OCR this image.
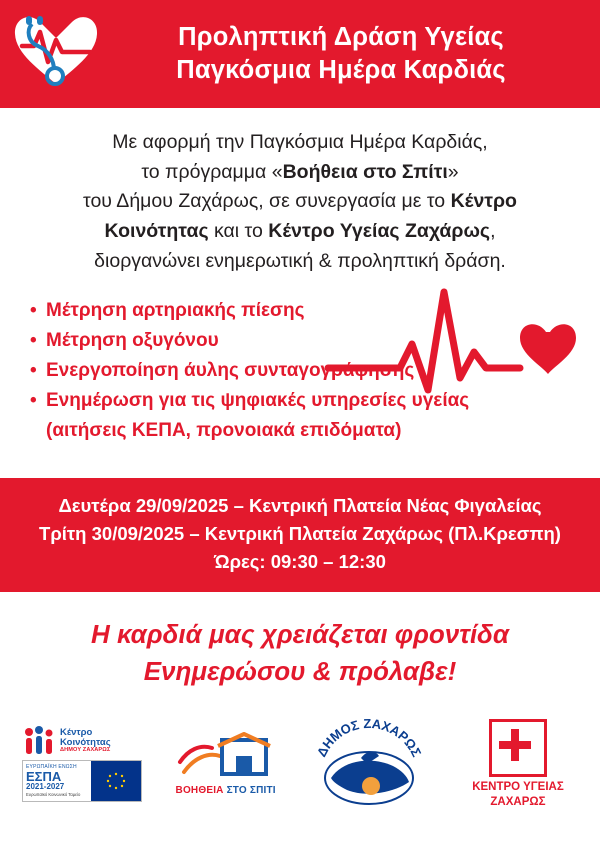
Προληπτική Δράση Υγείας
Παγκόσμια Ημέρα Καρδιάς

Με αφορμή την Παγκόσμια Ημέρα Καρδιάς,

το πρόγραμμα «Βοήθεια στο Σπίτι»

του Δήμου Ζαχάρως, σε συνεργασία με το Κέντρο

Κοινότητας και το Κέντρο Υγείας Ζαχάρως,

διοργανώνει ενημερωτική & προληπτική δράση.

• Μέτρηση αρτηριακής πίεσης
• Μέτρηση οξυγόνου
• Ενεργοποίηση άυλης συνταγογράφησης
• Ενημέρωση για τις ψηφιακές υπηρεσίες υγείας
(αιτήσεις ΚΕΠΑ, προνοιακά επιδόματα)
Δευτέρα 29/09/2025 – Κεντρική Πλατεία Νέας Φιγαλείας
Τρίτη 30/09/2025 – Κεντρική Πλατεία Ζαχάρως (Πλ.Κρεσπη)
Ώρες: 09:30 – 12:30
Η καρδιά μας χρειάζεται φροντίδα
Ενημερώσου & πρόλαβε!
Κέντρο
Κοινότητας
ΔΗΜΟΥ ΖΑΧΑΡΩΣ
ΕΥΡΩΠΑΪΚΗ ΕΝΩΣΗ
ΕΣΠΑ
2021-2027
Ευρωπαϊκό Κοινωνικό Ταμείο	ΒΟΗΘΕΙΑ ΣΤΟ ΣΠΙΤΙ
ΔΗΜΟΣ ΖΑΧΑΡΩΣ
ΚΕΝΤΡΟ ΥΓΕΙΑΣ
ΖΑΧΑΡΩΣ
